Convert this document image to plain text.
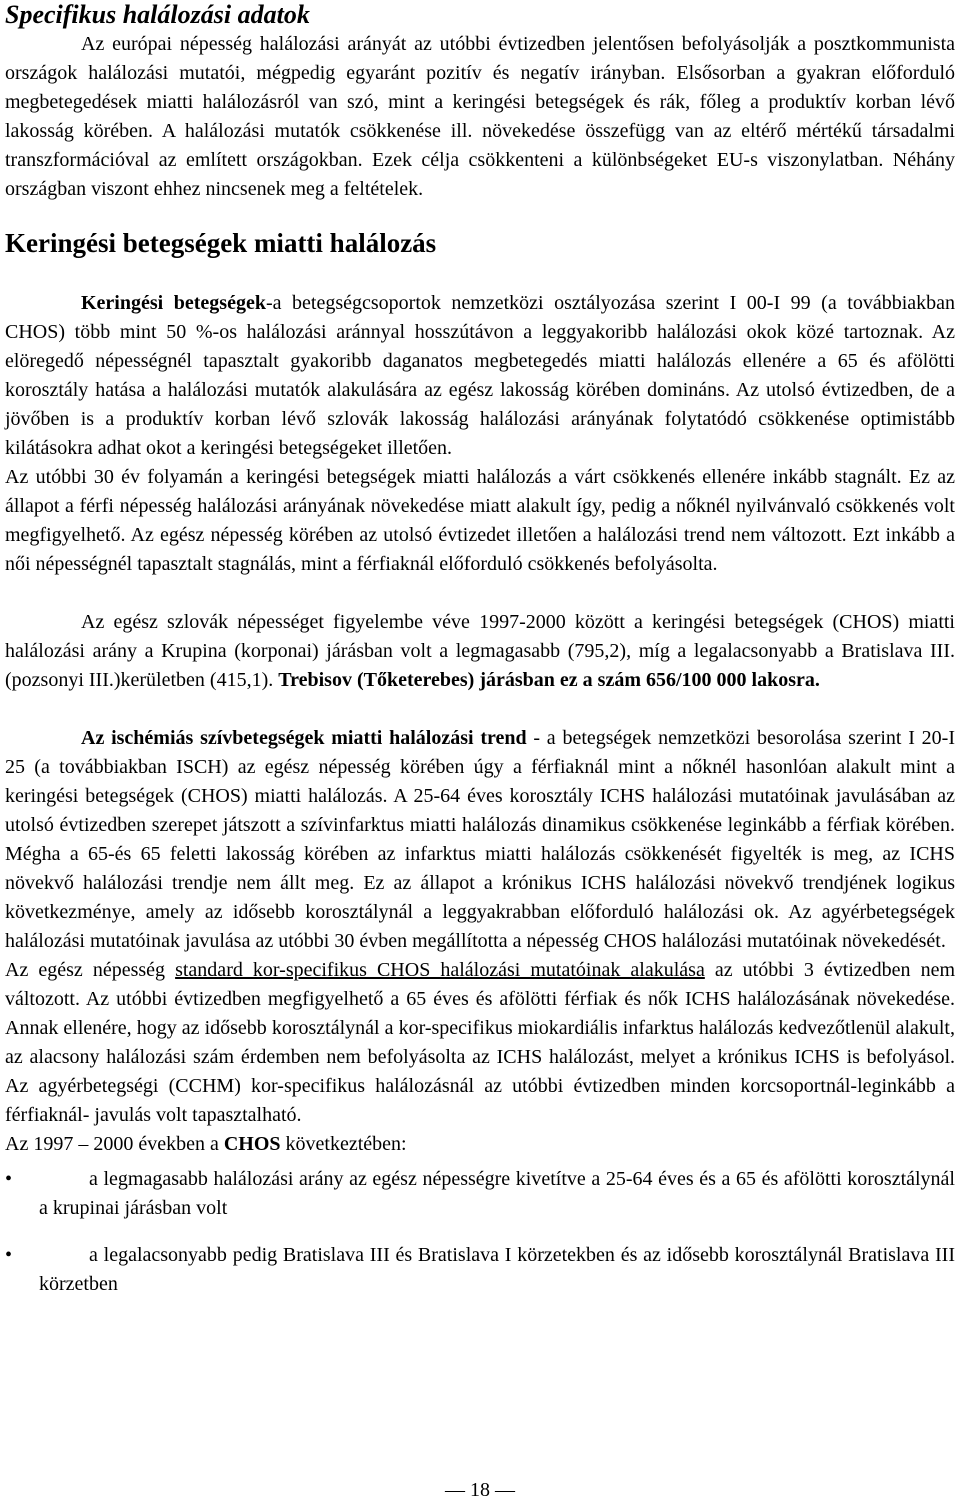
Specifikus halálozási adatok

Az európai népesség halálozási arányát az utóbbi évtizedben jelentősen befolyásolják a posztkommunista országok halálozási mutatói, mégpedig egyaránt pozitív és negatív irányban. Elsősorban a gyakran előforduló megbetegedések miatti halálozásról van szó, mint a keringési betegségek és rák, főleg a produktív korban lévő lakosság körében. A halálozási mutatók csökkenése ill. növekedése összefügg van az eltérő mértékű társadalmi transzformációval az említett országokban. Ezek célja csökkenteni a különbségeket EU-s viszonylatban. Néhány országban viszont ehhez nincsenek meg a feltételek.

Keringési betegségek miatti halálozás

Keringési betegségek-a betegségcsoportok nemzetközi osztályozása szerint I 00-I 99 (a továbbiakban CHOS) több mint 50 %-os halálozási aránnyal hosszútávon a leggyakoribb halálozási okok közé tartoznak. Az elöregedő népességnél tapasztalt gyakoribb daganatos megbetegedés miatti halálozás ellenére a 65 és afölötti korosztály hatása a halálozási mutatók alakulására az egész lakosság körében domináns. Az utolsó évtizedben, de a jövőben is a produktív korban lévő szlovák lakosság halálozási arányának folytatódó csökkenése optimistább kilátásokra adhat okot a keringési betegségeket illetően.

Az utóbbi 30 év folyamán a keringési betegségek miatti halálozás a várt csökkenés ellenére inkább stagnált. Ez az állapot a férfi népesség halálozási arányának növekedése miatt alakult így, pedig a nőknél nyilvánvaló csökkenés volt megfigyelhető. Az egész népesség körében az utolsó évtizedet illetően a halálozási trend nem változott. Ezt inkább a női népességnél tapasztalt stagnálás, mint a férfiaknál előforduló csökkenés befolyásolta.

Az egész szlovák népességet figyelembe véve 1997-2000 között a keringési betegségek (CHOS) miatti halálozási arány a Krupina (korponai) járásban volt a legmagasabb (795,2), míg a legalacsonyabb a Bratislava III.(pozsonyi III.)kerületben (415,1). Trebisov (Tőketerebes) járásban ez a szám 656/100 000 lakosra.

Az ischémiás szívbetegségek miatti halálozási trend - a betegségek nemzetközi besorolása szerint I 20-I 25 (a továbbiakban ISCH) az egész népesség körében úgy a férfiaknál mint a nőknél hasonlóan alakult mint a keringési betegségek (CHOS) miatti halálozás. A 25-64 éves korosztály ICHS halálozási mutatóinak javulásában az utolsó évtizedben szerepet játszott a szívinfarktus miatti halálozás dinamikus csökkenése leginkább a férfiak körében. Mégha a 65-és 65 feletti lakosság körében az infarktus miatti halálozás csökkenését figyelték is meg, az ICHS növekvő halálozási trendje nem állt meg. Ez az állapot a krónikus ICHS halálozási növekvő trendjének logikus következménye, amely az idősebb korosztálynál a leggyakrabban előforduló halálozási ok. Az agyérbetegségek halálozási mutatóinak javulása az utóbbi 30 évben megállította a népesség CHOS halálozási mutatóinak növekedését.

Az egész népesség standard kor-specifikus CHOS halálozási mutatóinak alakulása az utóbbi 3 évtizedben nem változott. Az utóbbi évtizedben megfigyelhető a 65 éves és afölötti férfiak és nők ICHS halálozásának növekedése. Annak ellenére, hogy az idősebb korosztálynál a kor-specifikus miokardiális infarktus halálozás kedvezőtlenül alakult, az alacsony halálozási szám érdemben nem befolyásolta az ICHS halálozást, melyet a krónikus ICHS is befolyásol. Az agyérbetegségi (CCHM) kor-specifikus halálozásnál az utóbbi évtizedben minden korcsoportnál-leginkább a férfiaknál- javulás volt tapasztalható.

Az 1997 – 2000 években a CHOS következtében:

•	a legmagasabb halálozási arány az egész népességre kivetítve a 25-64 éves és a 65 és afölötti korosztálynál a krupinai járásban volt
•	a legalacsonyabb pedig Bratislava III és Bratislava I körzetekben és az idősebb korosztálynál Bratislava III körzetben
— 18 —
